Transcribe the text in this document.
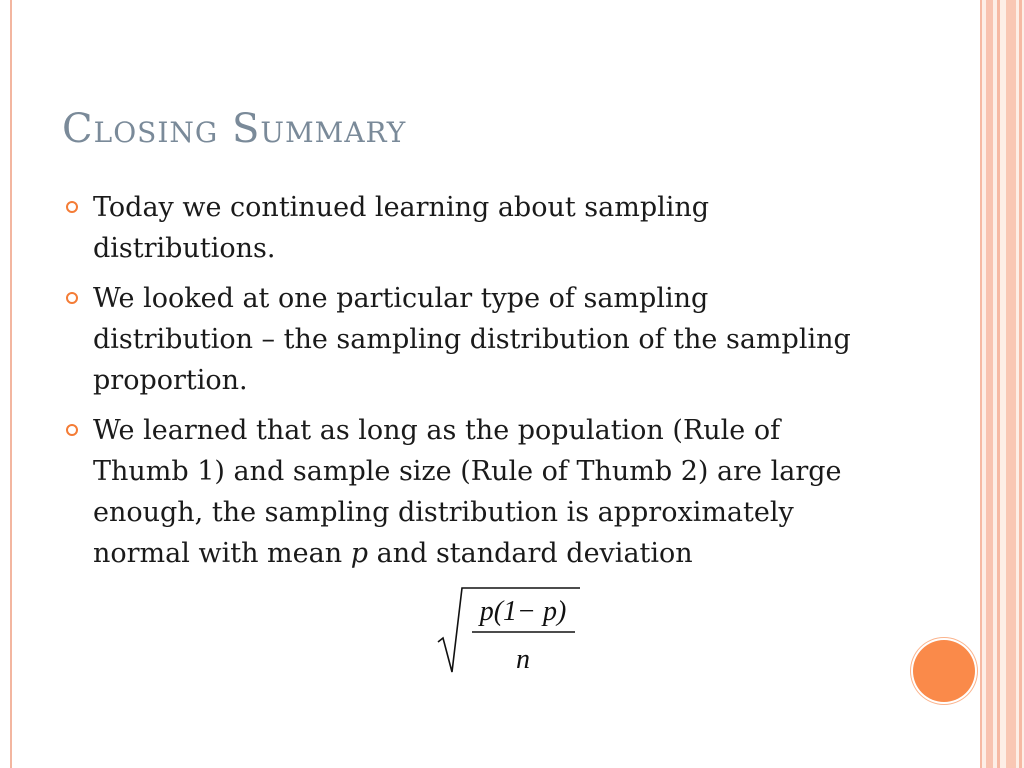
Closing Summary
Today we continued learning about sampling distributions.
We looked at one particular type of sampling distribution – the sampling distribution of the sampling proportion.
We learned that as long as the population (Rule of Thumb 1) and sample size (Rule of Thumb 2) are large enough, the sampling distribution is approximately normal with mean p and standard deviation
p(1− p)
n
